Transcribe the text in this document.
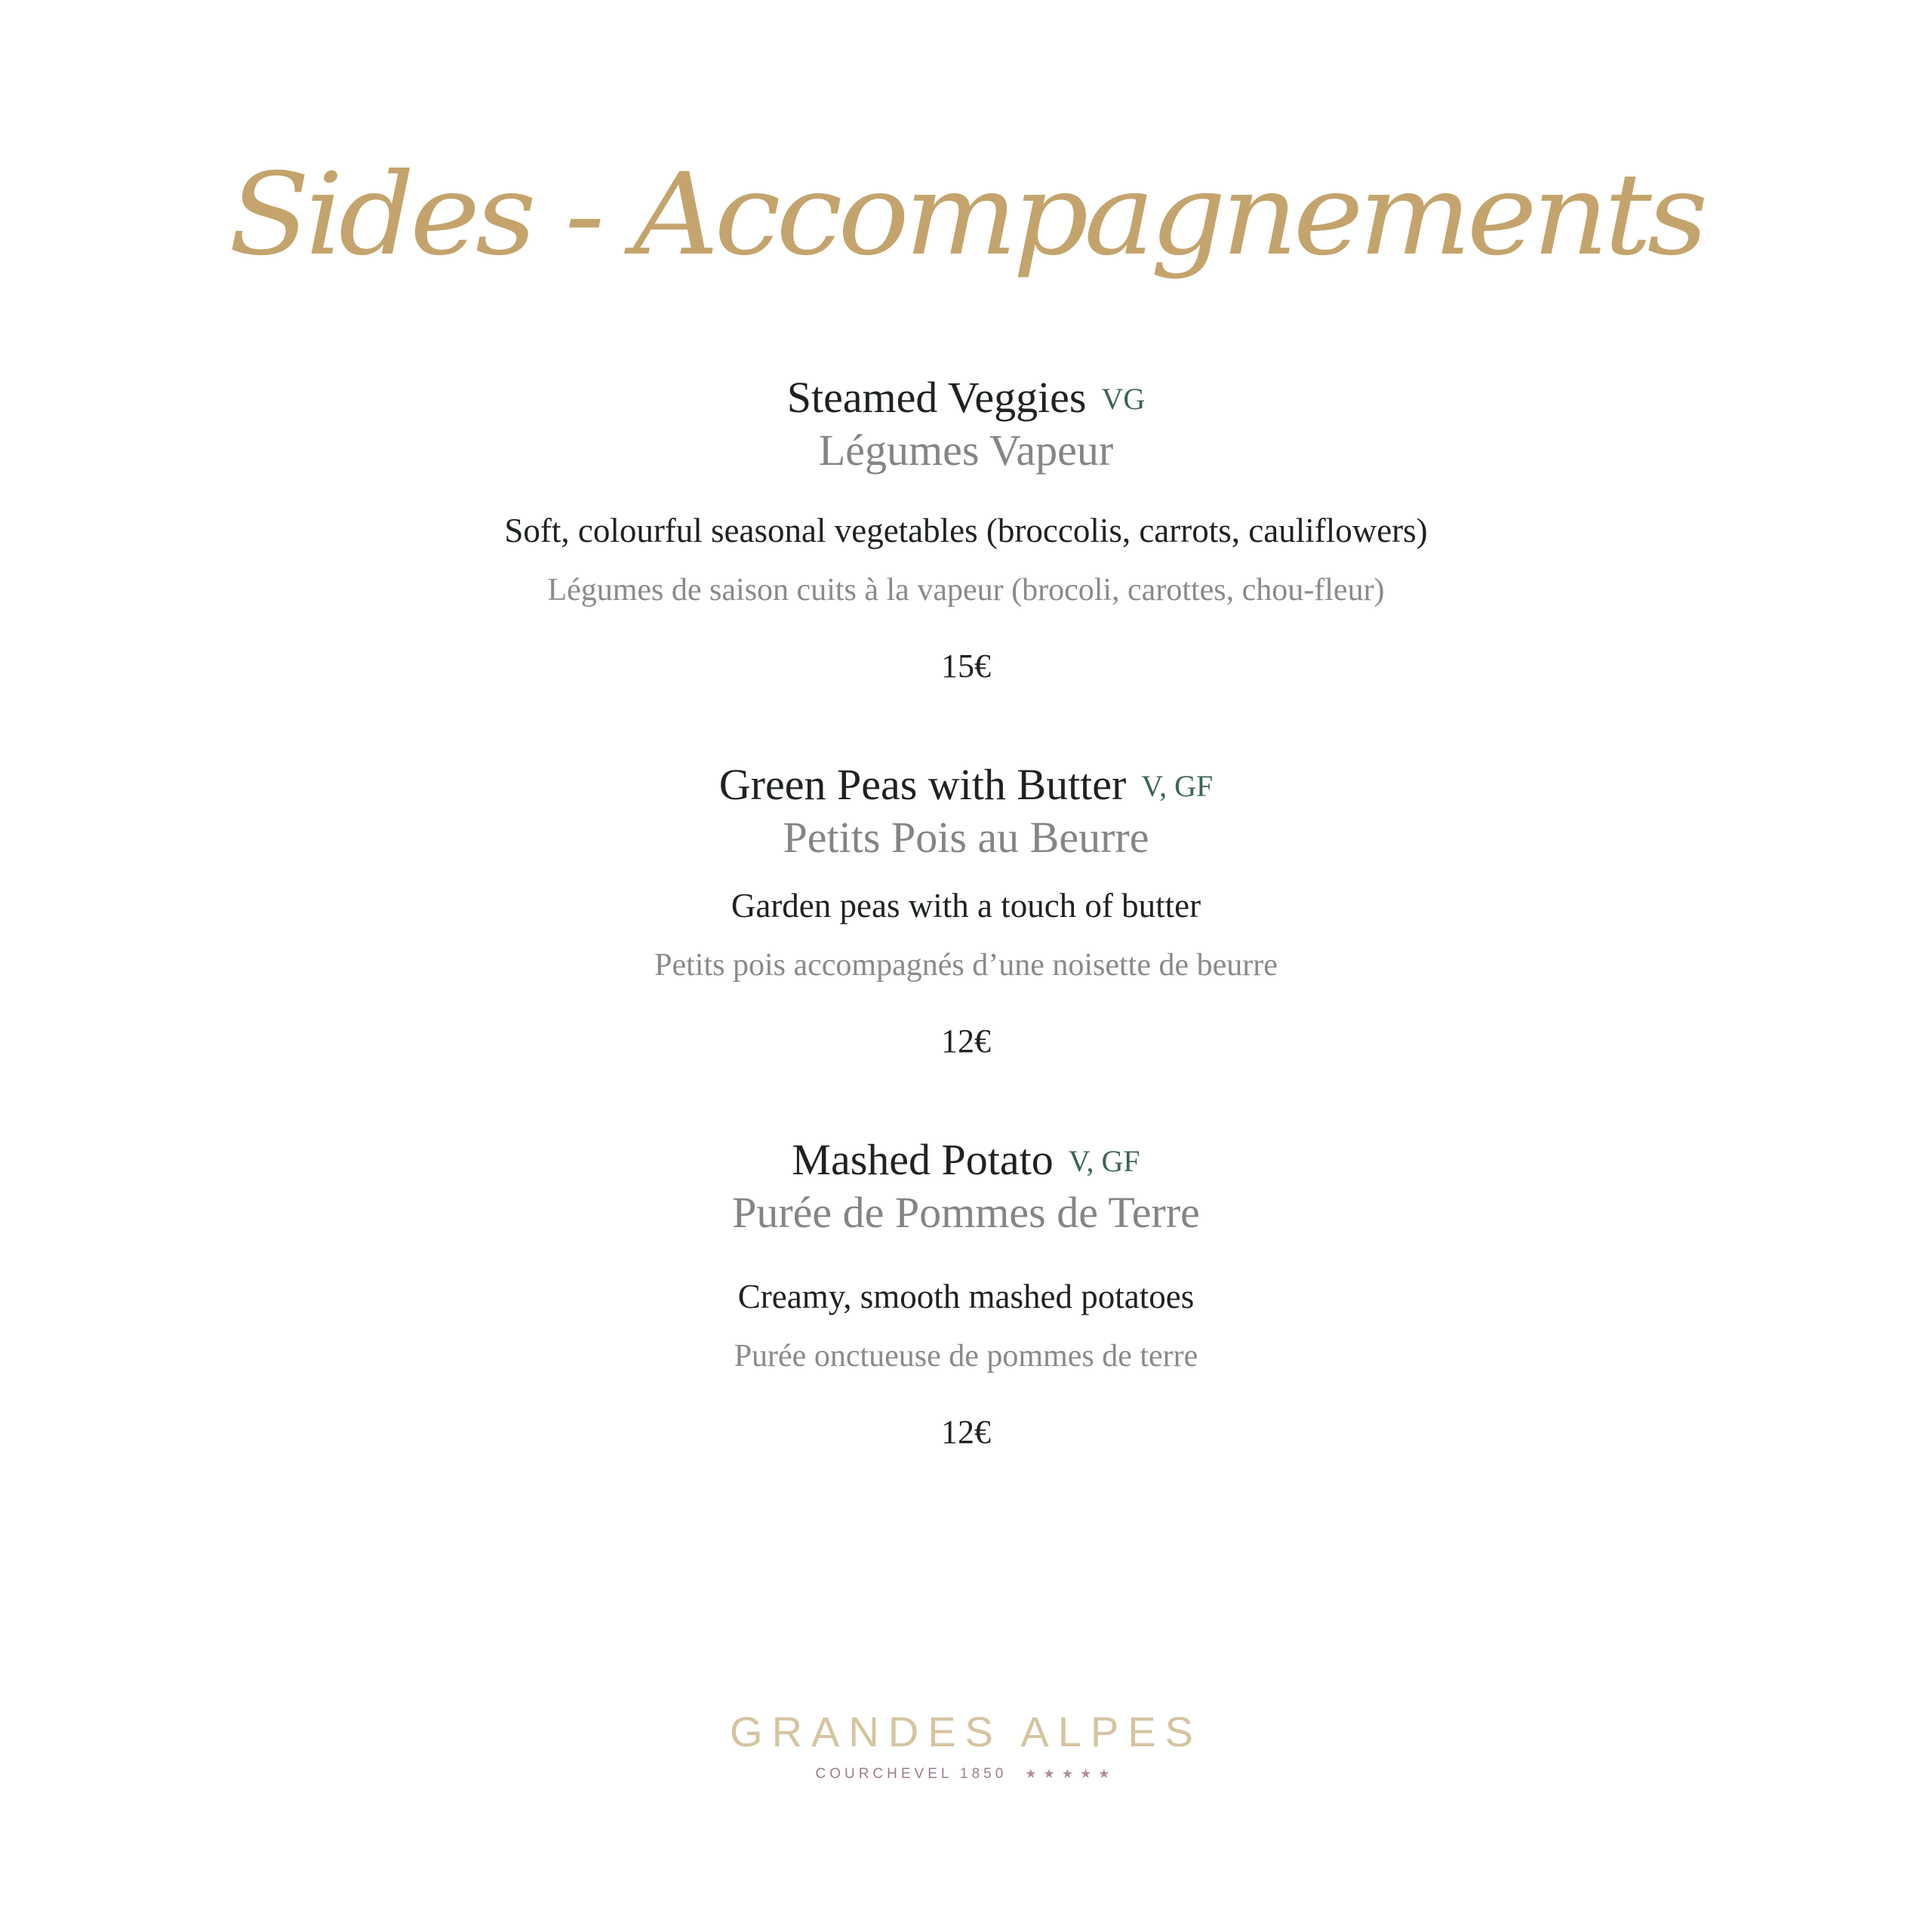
Sides - Accompagnements
Steamed Veggies VG
Légumes Vapeur
Soft, colourful seasonal vegetables (broccolis, carrots, cauliflowers)
Légumes de saison cuits à la vapeur (brocoli, carottes, chou-fleur)
15€
Green Peas with Butter V, GF
Petits Pois au Beurre
Garden peas with a touch of butter
Petits pois accompagnés d’une noisette de beurre
12€
Mashed Potato V, GF
Purée de Pommes de Terre
Creamy, smooth mashed potatoes
Purée onctueuse de pommes de terre
12€
GRANDES ALPES
COURCHEVEL 1850 ★★★★★
